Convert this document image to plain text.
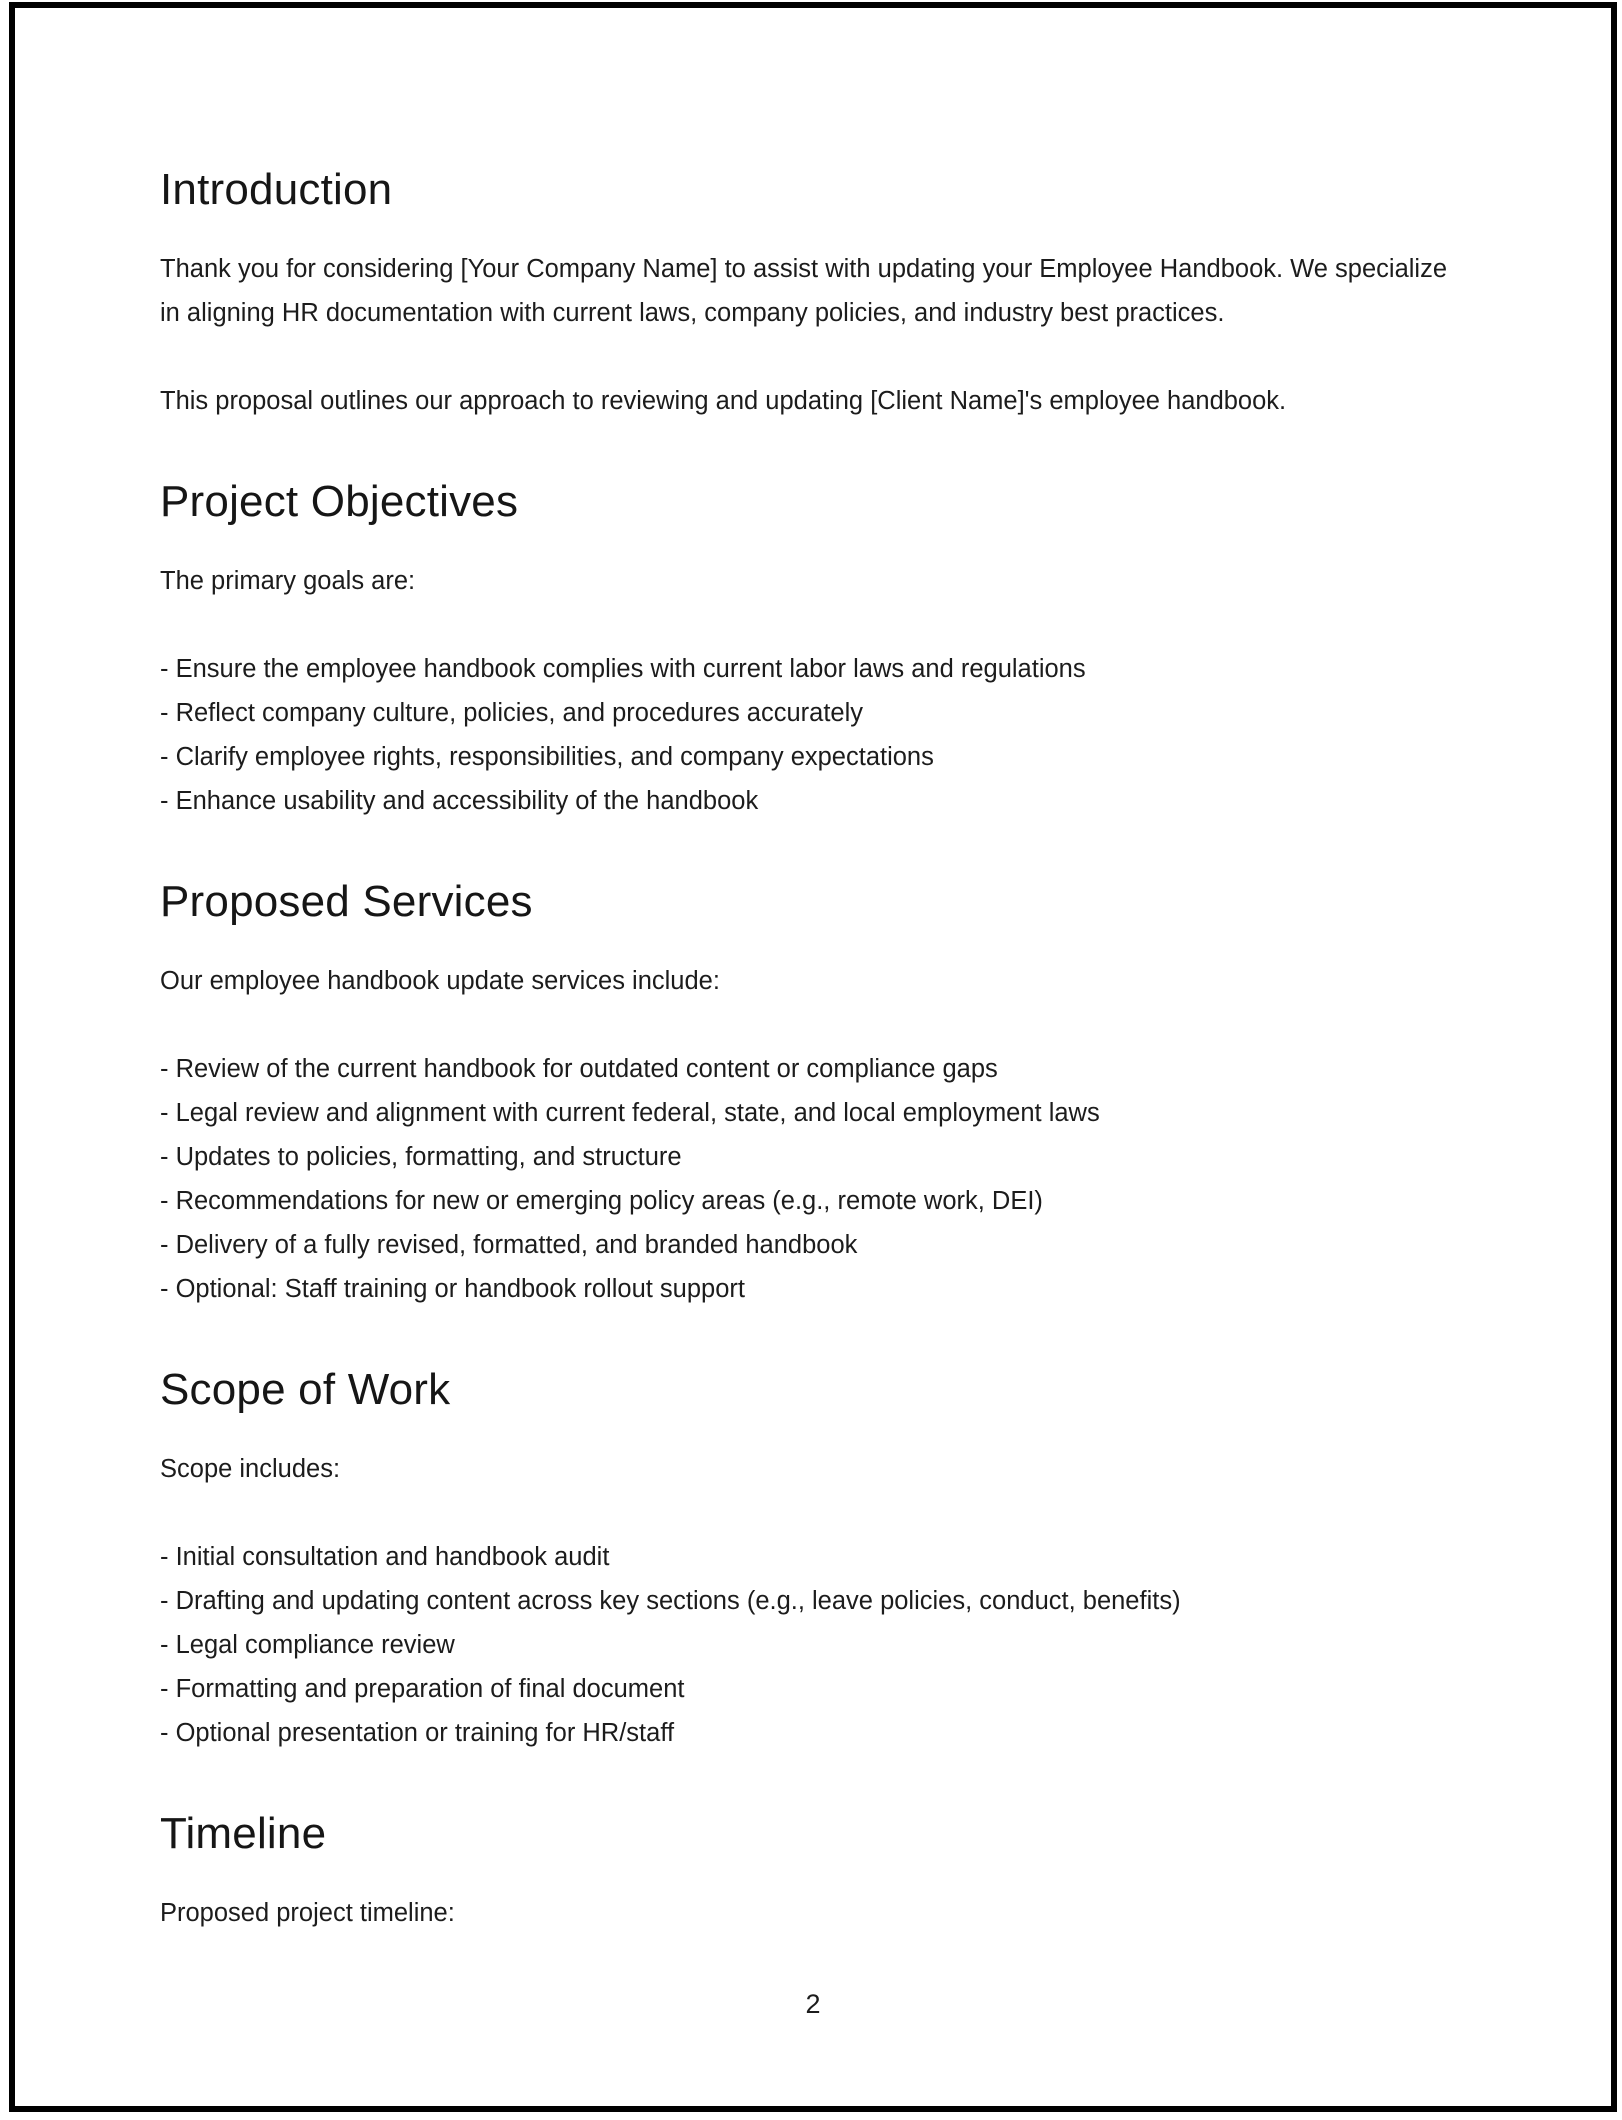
Introduction

Thank you for considering [Your Company Name] to assist with updating your Employee Handbook. We specialize in aligning HR documentation with current laws, company policies, and industry best practices.

This proposal outlines our approach to reviewing and updating [Client Name]'s employee handbook.

Project Objectives

The primary goals are:

- Ensure the employee handbook complies with current labor laws and regulations

- Reflect company culture, policies, and procedures accurately

- Clarify employee rights, responsibilities, and company expectations

- Enhance usability and accessibility of the handbook

Proposed Services

Our employee handbook update services include:

- Review of the current handbook for outdated content or compliance gaps

- Legal review and alignment with current federal, state, and local employment laws

- Updates to policies, formatting, and structure

- Recommendations for new or emerging policy areas (e.g., remote work, DEI)

- Delivery of a fully revised, formatted, and branded handbook

- Optional: Staff training or handbook rollout support

Scope of Work

Scope includes:

- Initial consultation and handbook audit

- Drafting and updating content across key sections (e.g., leave policies, conduct, benefits)

- Legal compliance review

- Formatting and preparation of final document

- Optional presentation or training for HR/staff

Timeline

Proposed project timeline:

2
